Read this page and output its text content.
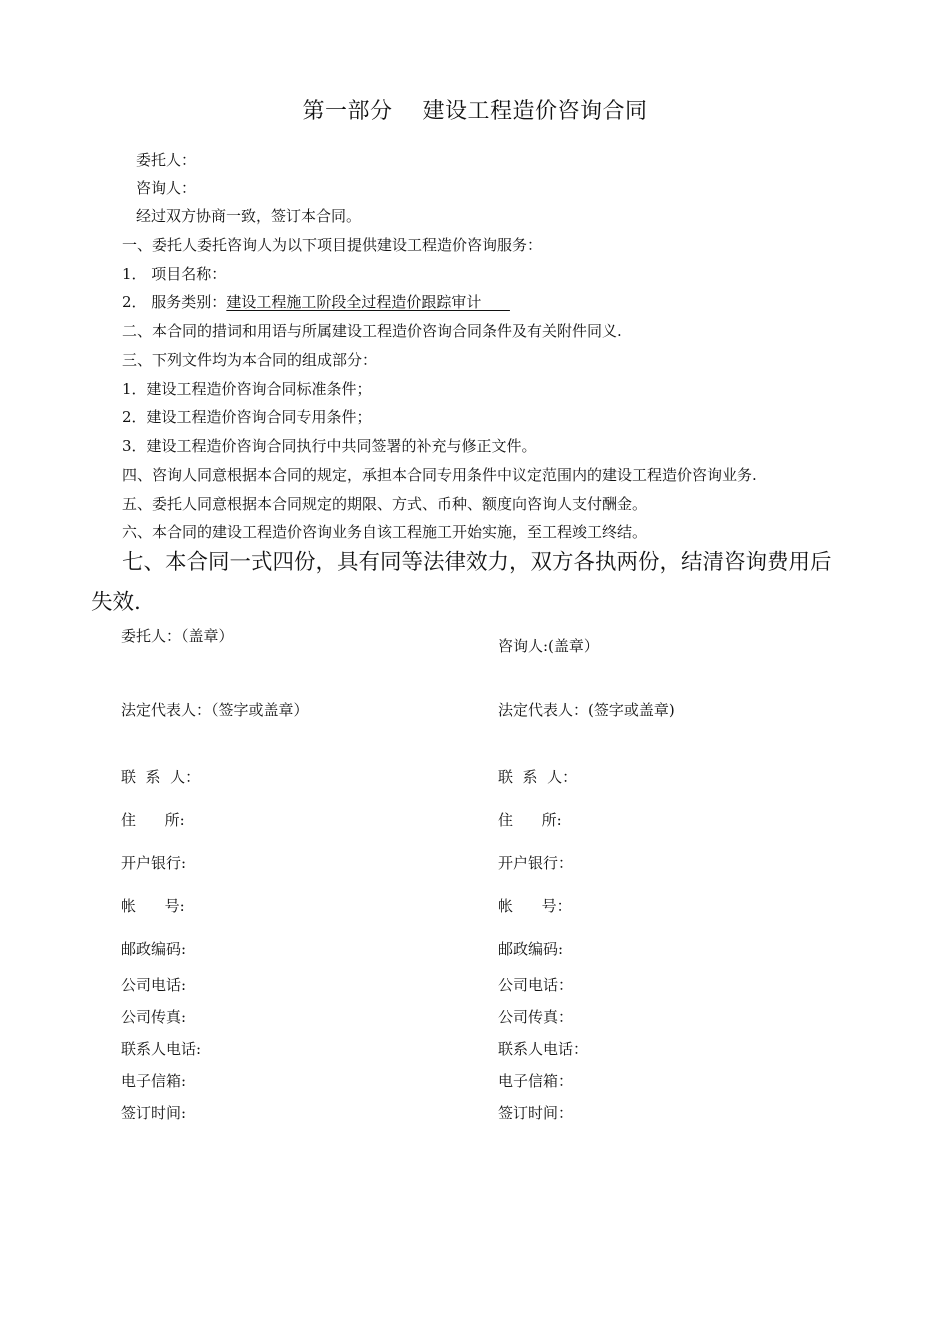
第一部分    建设工程造价咨询合同
委托人：
咨询人：
经过双方协商一致，签订本合同。
一、委托人委托咨询人为以下项目提供建设工程造价咨询服务：
1． 项目名称：
2． 服务类别：建设工程施工阶段全过程造价跟踪审计
二、本合同的措词和用语与所属建设工程造价咨询合同条件及有关附件同义.
三、下列文件均为本合同的组成部分：
1．建设工程造价咨询合同标准条件；
2．建设工程造价咨询合同专用条件；
3．建设工程造价咨询合同执行中共同签署的补充与修正文件。
四、咨询人同意根据本合同的规定，承担本合同专用条件中议定范围内的建设工程造价咨询业务.
五、委托人同意根据本合同规定的期限、方式、币种、额度向咨询人支付酬金。
六、本合同的建设工程造价咨询业务自该工程施工开始实施，至工程竣工终结。
七、本合同一式四份，具有同等法律效力，双方各执两份，结清咨询费用后
失效.
委托人：（盖章）
法定代表人：（签字或盖章）
联  系  人：
住      所:
开户银行:
帐      号:
邮政编码:
公司电话:
公司传真:
联系人电话:
电子信箱:
签订时间:
咨询人:(盖章）
法定代表人：(签字或盖章)
联  系  人：
住      所:
开户银行：
帐      号：
邮政编码:
公司电话：
公司传真：
联系人电话：
电子信箱：
签订时间：
